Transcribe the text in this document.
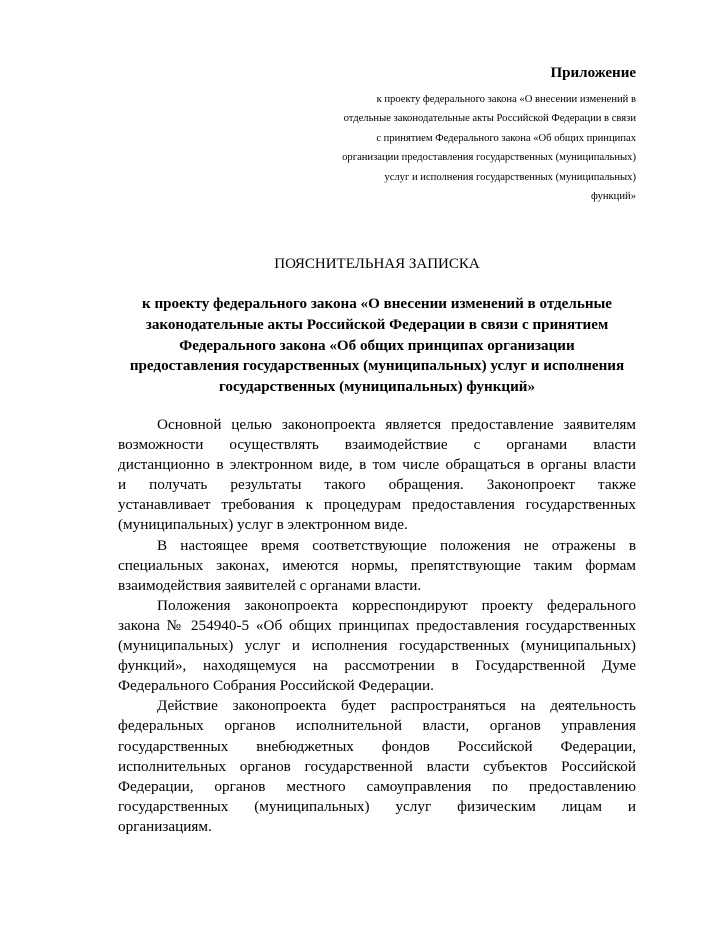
Приложение
к проекту федерального закона «О внесении изменений в
отдельные законодательные акты Российской Федерации в связи
с принятием Федерального закона «Об общих принципах
организации предоставления государственных (муниципальных)
услуг и исполнения государственных (муниципальных)
функций»
ПОЯСНИТЕЛЬНАЯ ЗАПИСКА
к проекту федерального закона «О внесении изменений в отдельные
законодательные акты Российской Федерации в связи с принятием
Федерального закона «Об общих принципах организации
предоставления государственных (муниципальных) услуг и исполнения
государственных (муниципальных) функций»
Основной целью законопроекта является предоставление заявителям
возможности осуществлять взаимодействие с органами власти
дистанционно в электронном виде, в том числе обращаться в органы власти
и получать результаты такого обращения. Законопроект также
устанавливает требования к процедурам предоставления государственных
(муниципальных) услуг в электронном виде.
В настоящее время соответствующие положения не отражены в
специальных законах, имеются нормы, препятствующие таким формам
взаимодействия заявителей с органами власти.
Положения законопроекта корреспондируют проекту федерального
закона № 254940-5 «Об общих принципах предоставления государственных
(муниципальных) услуг и исполнения государственных (муниципальных)
функций», находящемуся на рассмотрении в Государственной Думе
Федерального Собрания Российской Федерации.
Действие законопроекта будет распространяться на деятельность
федеральных органов исполнительной власти, органов управления
государственных внебюджетных фондов Российской Федерации,
исполнительных органов государственной власти субъектов Российской
Федерации, органов местного самоуправления по предоставлению
государственных (муниципальных) услуг физическим лицам и
организациям.
